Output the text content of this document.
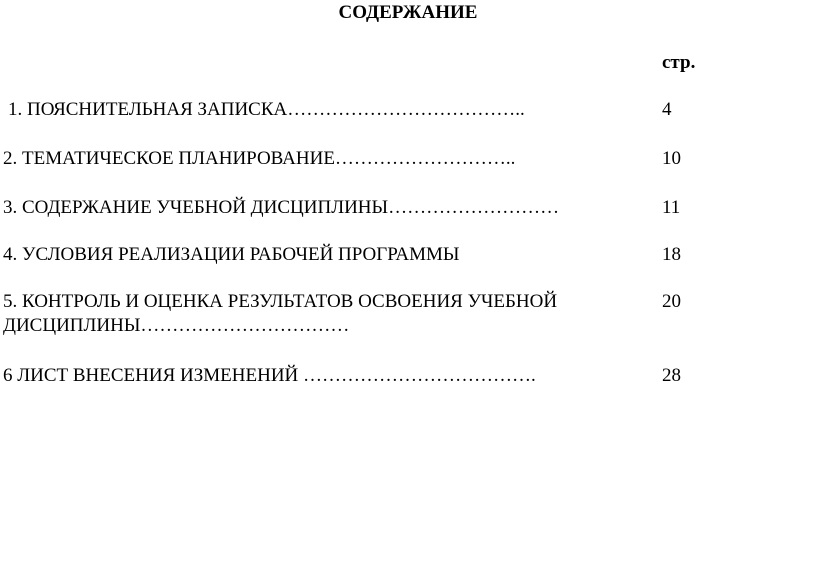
СОДЕРЖАНИЕ
стр.
1. ПОЯСНИТЕЛЬНАЯ ЗАПИСКА………………………………..	4
2. ТЕМАТИЧЕСКОЕ ПЛАНИРОВАНИЕ………………………..	10
3. СОДЕРЖАНИЕ УЧЕБНОЙ ДИСЦИПЛИНЫ………………………	11
4. УСЛОВИЯ РЕАЛИЗАЦИИ РАБОЧЕЙ ПРОГРАММЫ	18
5. КОНТРОЛЬ И ОЦЕНКА РЕЗУЛЬТАТОВ ОСВОЕНИЯ УЧЕБНОЙ	20
ДИСЦИПЛИНЫ……………………………
6 ЛИСТ ВНЕСЕНИЯ ИЗМЕНЕНИЙ ……………………………….	28
